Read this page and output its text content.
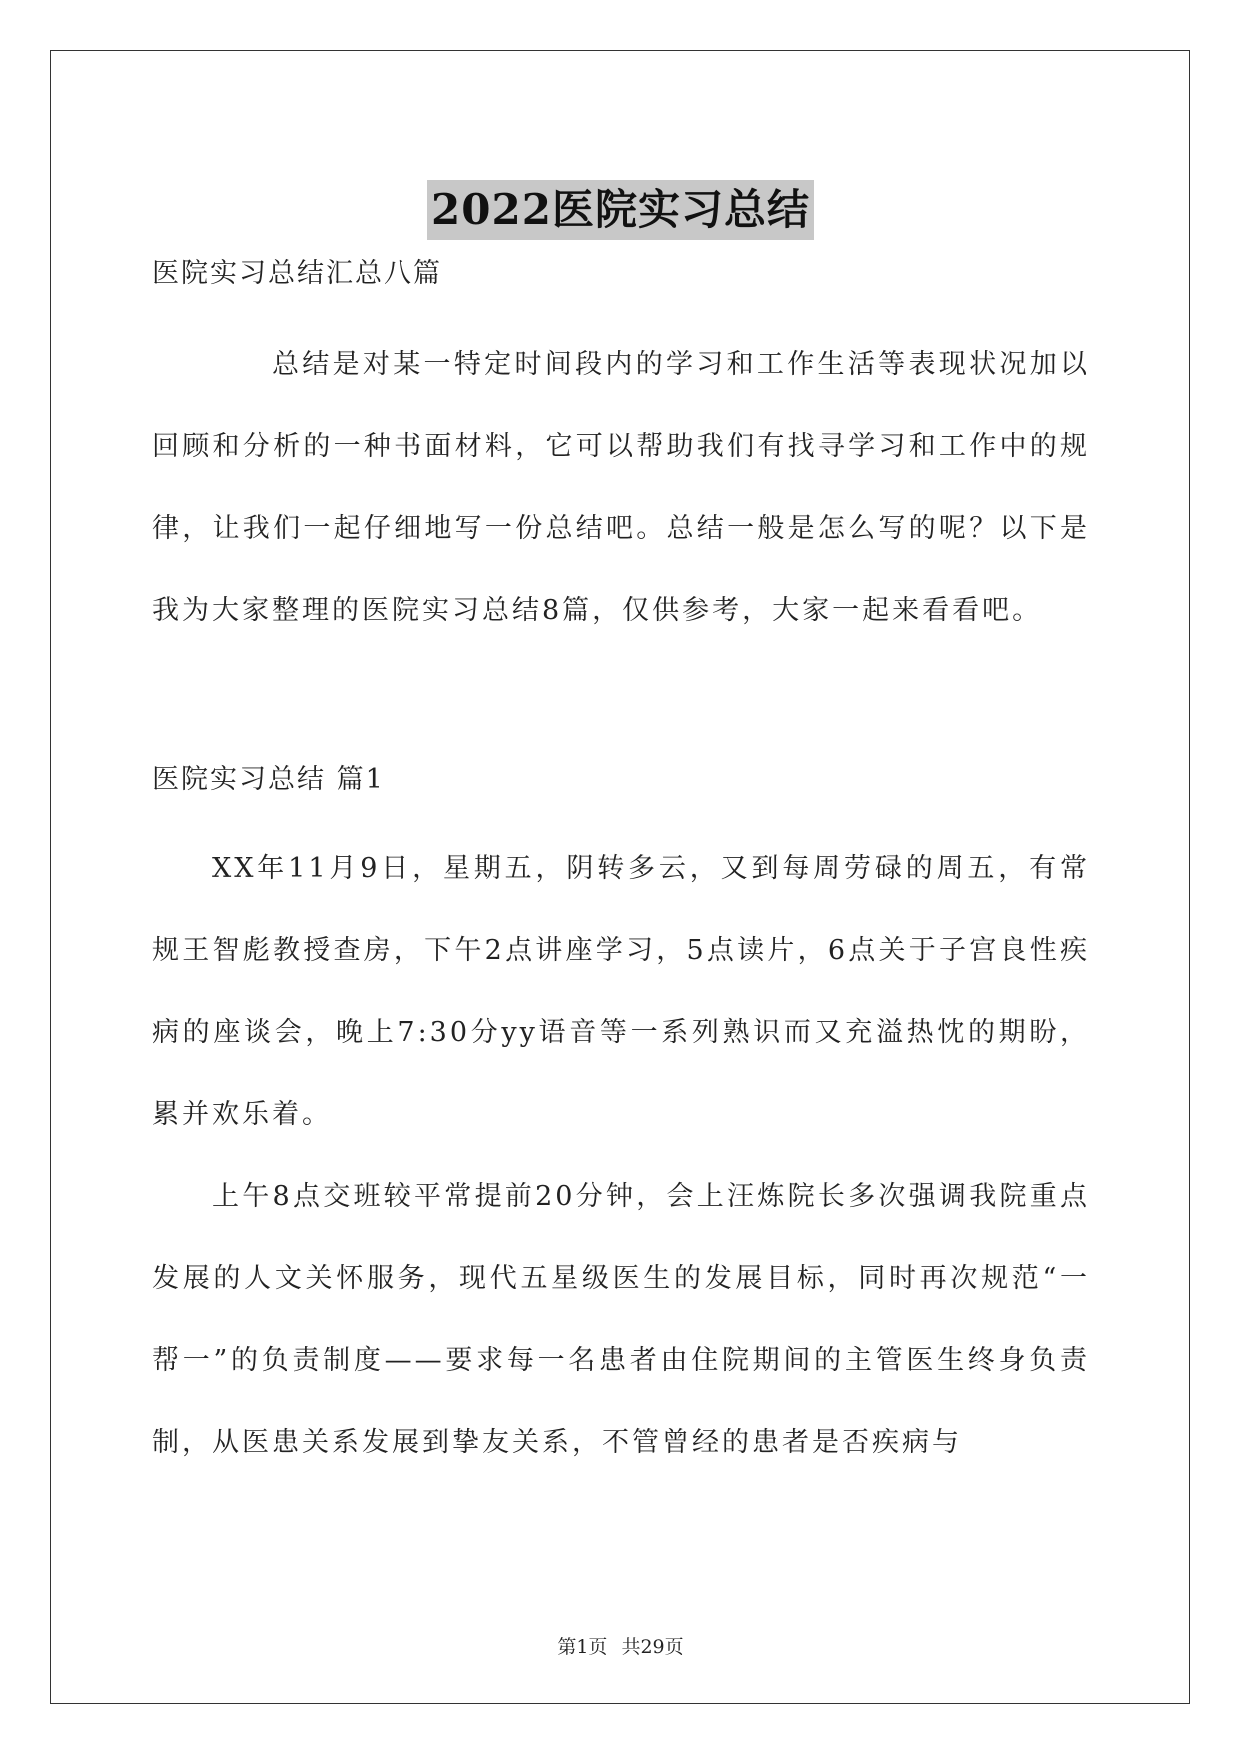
2022医院实习总结

医院实习总结汇总八篇

总结是对某一特定时间段内的学习和工作生活等表现状况加以回顾和分析的一种书面材料，它可以帮助我们有找寻学习和工作中的规律，让我们一起仔细地写一份总结吧。总结一般是怎么写的呢？以下是我为大家整理的医院实习总结8篇，仅供参考，大家一起来看看吧。

医院实习总结 篇1

XX年11月9日，星期五，阴转多云，又到每周劳碌的周五，有常规王智彪教授查房，下午2点讲座学习，5点读片，6点关于子宫良性疾病的座谈会，晚上7:30分yy语音等一系列熟识而又充溢热忱的期盼，累并欢乐着。

上午8点交班较平常提前20分钟，会上汪炼院长多次强调我院重点发展的人文关怀服务，现代五星级医生的发展目标，同时再次规范“一帮一”的负责制度——要求每一名患者由住院期间的主管医生终身负责制，从医患关系发展到挚友关系，不管曾经的患者是否疾病与

第1页 共29页
